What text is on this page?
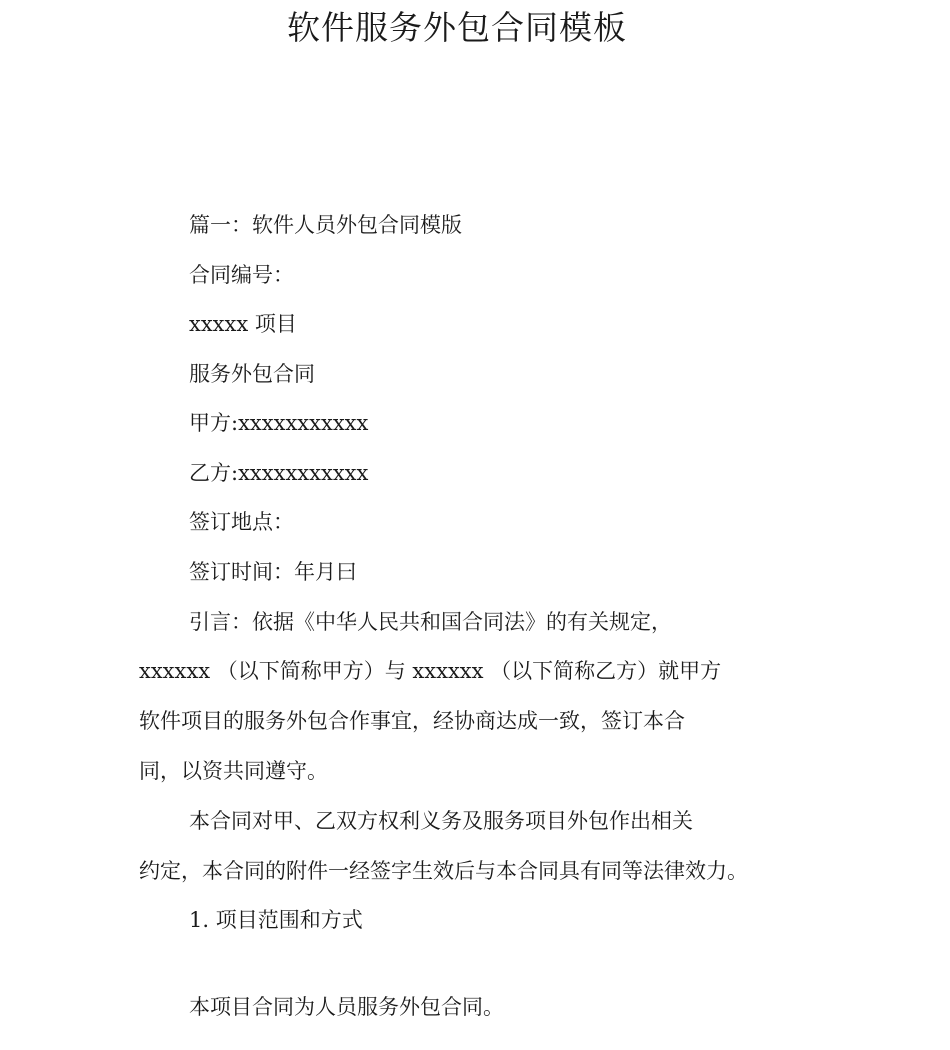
软件服务外包合同模板

篇一：软件人员外包合同模版

合同编号：

xxxxx 项目

服务外包合同

甲方:xxxxxxxxxxx

乙方:xxxxxxxxxxx

签订地点：

签订时间：年月曰

引言：依据《中华人民共和国合同法》的有关规定，

xxxxxx （以下简称甲方）与 xxxxxx （以下简称乙方）就甲方

软件项目的服务外包合作事宜，经协商达成一致，签订本合

同，以资共同遵守。

本合同对甲、乙双方权利义务及服务项目外包作出相关

约定，本合同的附件一经签字生效后与本合同具有同等法律效力。

1. 项目范围和方式

本项目合同为人员服务外包合同。
